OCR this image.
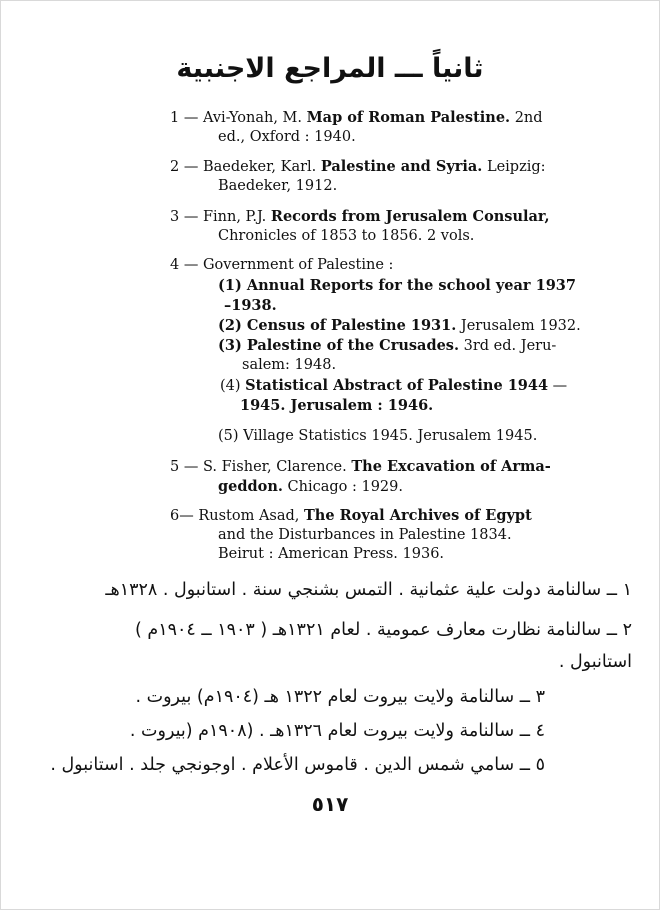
ثانياً ـــ المراجع الاجنبية
1 — Avi-Yonah, M. Map of Roman Palestine. 2nd
ed., Oxford : 1940.
2 — Baedeker, Karl. Palestine and Syria. Leipzig:
Baedeker, 1912.
3 — Finn, P.J. Records from Jerusalem Consular,
Chronicles of 1853 to 1856. 2 vols.
4 — Government of Palestine :
(1) Annual Reports for the school year 1937
–1938.
(2) Census of Palestine 1931. Jerusalem 1932.
(3) Palestine of the Crusades. 3rd ed. Jeru-
salem: 1948.
(4) Statistical Abstract of Palestine 1944 —
1945. Jerusalem : 1946.
(5) Village Statistics 1945. Jerusalem 1945.
5 — S. Fisher, Clarence. The Excavation of Arma-
geddon. Chicago : 1929.
6— Rustom Asad, The Royal Archives of Egypt
and the Disturbances in Palestine 1834.
Beirut : American Press. 1936.
١ ــ سالنامة دولت علية عثمانية . التمس بشنجي سنة . استانبول . ١٣٢٨هـ
٢ ــ سالنامة نظارت معارف عمومية . لعام ١٣٢١هـ ( ١٩٠٣ ــ ١٩٠٤م )
استانبول .
٣ ــ سالنامة ولايت بيروت لعام ١٣٢٢ هـ (١٩٠٤م) بيروت .
٤ ــ سالنامة ولايت بيروت لعام ١٣٢٦هـ . (١٩٠٨م (بيروت .
٥ ــ سامي شمس الدين . قاموس الأعلام . اوجونجي جلد . استانبول .
٥١٧
